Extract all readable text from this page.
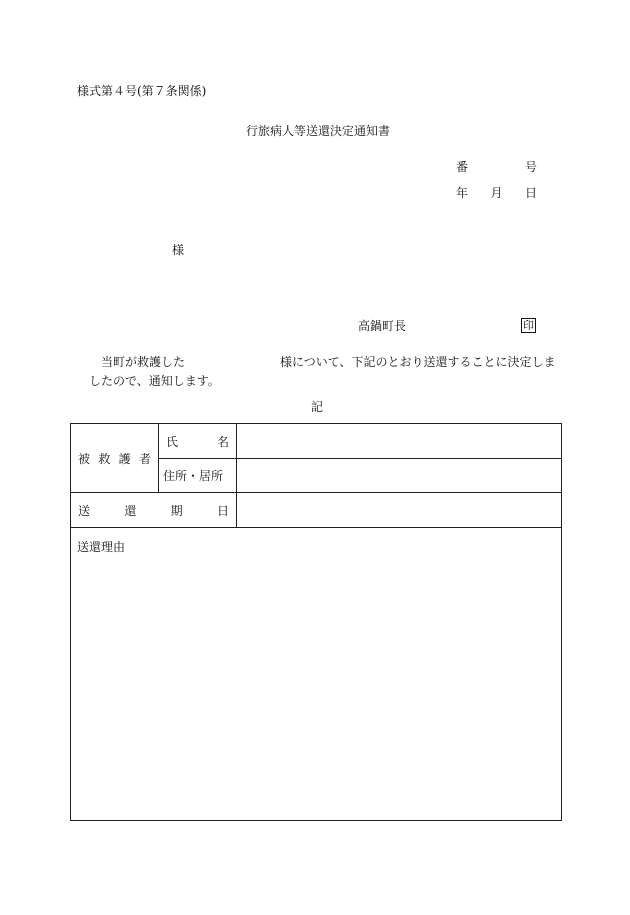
様式第４号(第７条関係)
行旅病人等送還決定通知書
番	号
年 月 日
様
高鍋町長	印
当町が救護した	様について、下記のとおり送還することに決定しま
したので、通知します。
記
被 救 護 者	氏 名	

	住所・居所	

送 還 期 日		

送還理由		
